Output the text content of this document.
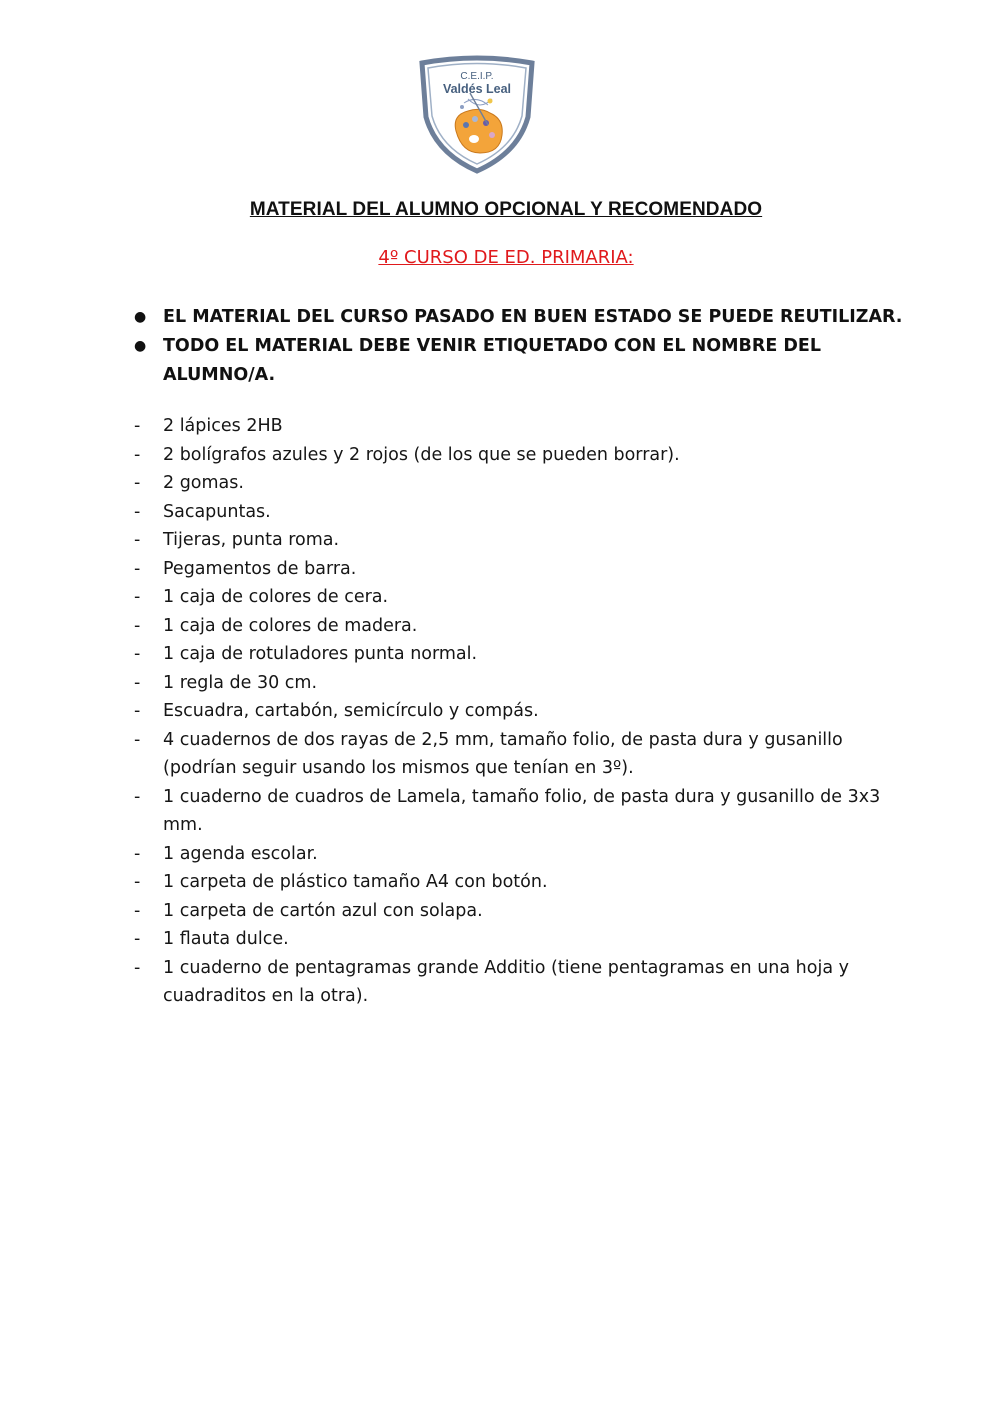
C.E.I.P.
Valdés Leal
MATERIAL DEL ALUMNO OPCIONAL Y RECOMENDADO
4º CURSO DE ED. PRIMARIA:
● EL MATERIAL DEL CURSO PASADO EN BUEN ESTADO SE PUEDE REUTILIZAR.
● TODO EL MATERIAL DEBE VENIR ETIQUETADO CON EL NOMBRE DEL ALUMNO/A.
- 2 lápices 2HB
- 2 bolígrafos azules y 2 rojos (de los que se pueden borrar).
- 2 gomas.
- Sacapuntas.
- Tijeras, punta roma.
- Pegamentos de barra.
- 1 caja de colores de cera.
- 1 caja de colores de madera.
- 1 caja de rotuladores punta normal.
- 1 regla de 30 cm.
- Escuadra, cartabón, semicírculo y compás.
- 4 cuadernos de dos rayas de 2,5 mm, tamaño folio, de pasta dura y gusanillo (podrían seguir usando los mismos que tenían en 3º).
- 1 cuaderno de cuadros de Lamela, tamaño folio, de pasta dura y gusanillo de 3x3 mm.
- 1 agenda escolar.
- 1 carpeta de plástico tamaño A4 con botón.
- 1 carpeta de cartón azul con solapa.
- 1 flauta dulce.
- 1 cuaderno de pentagramas grande Additio (tiene pentagramas en una hoja y cuadraditos en la otra).
